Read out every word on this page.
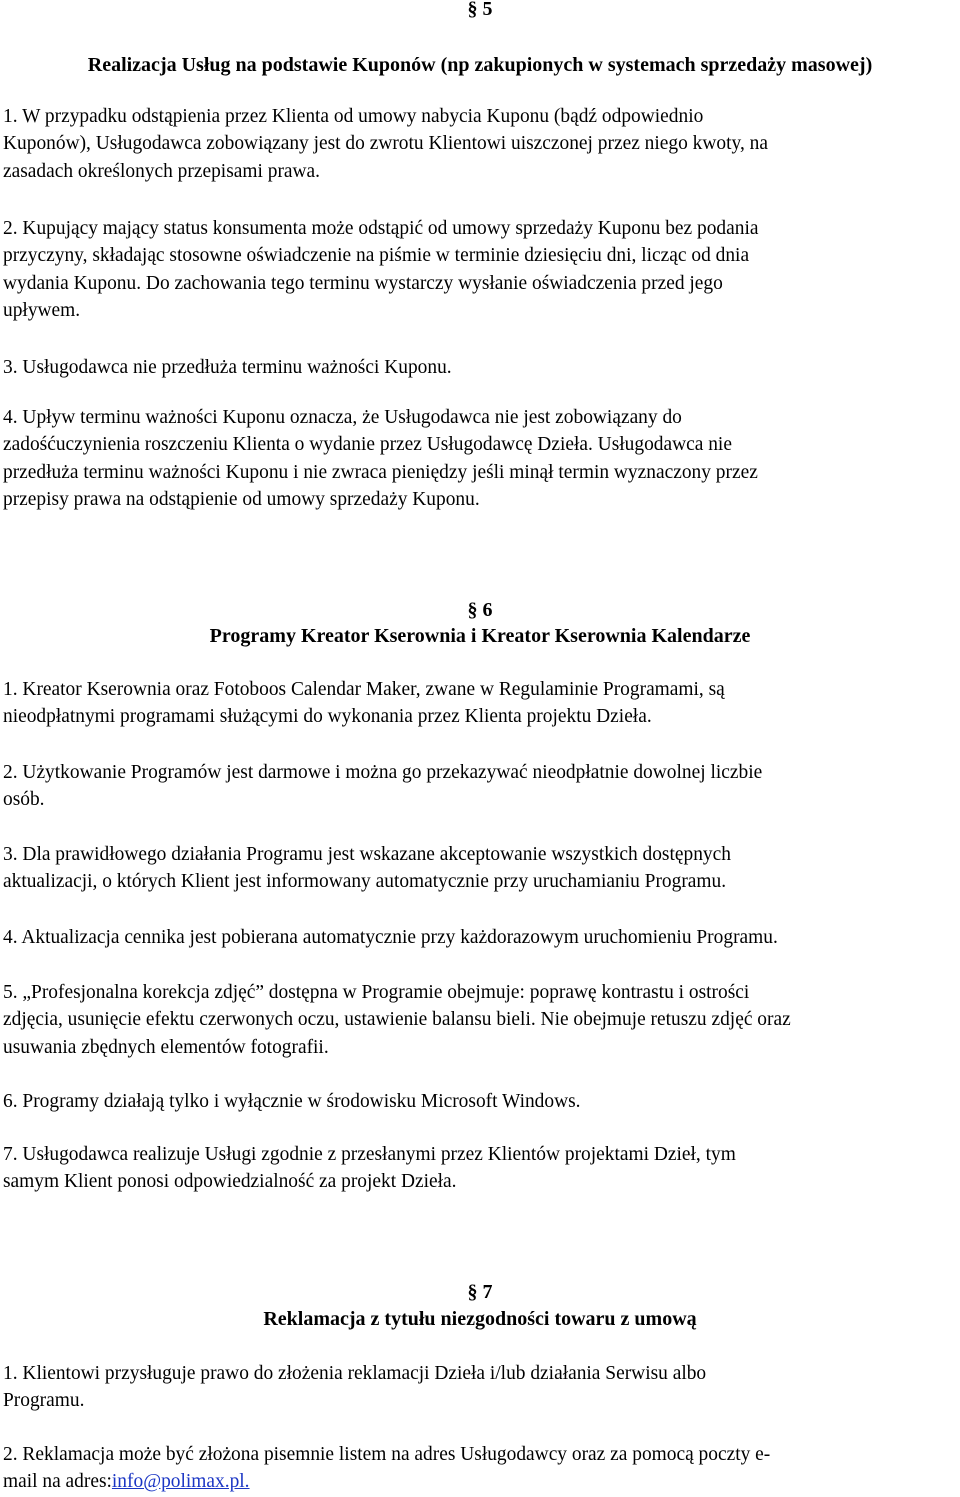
§ 5
Realizacja Usług na podstawie Kuponów (np zakupionych w systemach sprzedaży masowej)
1. W przypadku odstąpienia przez Klienta od umowy nabycia Kuponu (bądź odpowiednio
Kuponów), Usługodawca zobowiązany jest do zwrotu Klientowi uiszczonej przez niego kwoty, na
zasadach określonych przepisami prawa.
2. Kupujący mający status konsumenta może odstąpić od umowy sprzedaży Kuponu bez podania
przyczyny, składając stosowne oświadczenie na piśmie w terminie dziesięciu dni, licząc od dnia
wydania Kuponu. Do zachowania tego terminu wystarczy wysłanie oświadczenia przed jego
upływem.
3. Usługodawca nie przedłuża terminu ważności Kuponu.
4. Upływ terminu ważności Kuponu oznacza, że Usługodawca nie jest zobowiązany do
zadośćuczynienia roszczeniu Klienta o wydanie przez Usługodawcę Dzieła. Usługodawca nie
przedłuża terminu ważności Kuponu i nie zwraca pieniędzy jeśli minął termin wyznaczony przez
przepisy prawa na odstąpienie od umowy sprzedaży Kuponu.
§ 6
Programy Kreator Kserownia i Kreator Kserownia Kalendarze
1. Kreator Kserownia oraz Fotoboos Calendar Maker, zwane w Regulaminie Programami, są
nieodpłatnymi programami służącymi do wykonania przez Klienta projektu Dzieła.
2. Użytkowanie Programów jest darmowe i można go przekazywać nieodpłatnie dowolnej liczbie
osób.
3. Dla prawidłowego działania Programu jest wskazane akceptowanie wszystkich dostępnych
aktualizacji, o których Klient jest informowany automatycznie przy uruchamianiu Programu.
4. Aktualizacja cennika jest pobierana automatycznie przy każdorazowym uruchomieniu Programu.
5. „Profesjonalna korekcja zdjęć” dostępna w Programie obejmuje: poprawę kontrastu i ostrości
zdjęcia, usunięcie efektu czerwonych oczu, ustawienie balansu bieli. Nie obejmuje retuszu zdjęć oraz
usuwania zbędnych elementów fotografii.
6. Programy działają tylko i wyłącznie w środowisku Microsoft Windows.
7. Usługodawca realizuje Usługi zgodnie z przesłanymi przez Klientów projektami Dzieł, tym
samym Klient ponosi odpowiedzialność za projekt Dzieła.
§ 7
Reklamacja z tytułu niezgodności towaru z umową
1. Klientowi przysługuje prawo do złożenia reklamacji Dzieła i/lub działania Serwisu albo
Programu.
2. Reklamacja może być złożona pisemnie listem na adres Usługodawcy oraz za pomocą poczty e-
mail na adres:info@polimax.pl.
